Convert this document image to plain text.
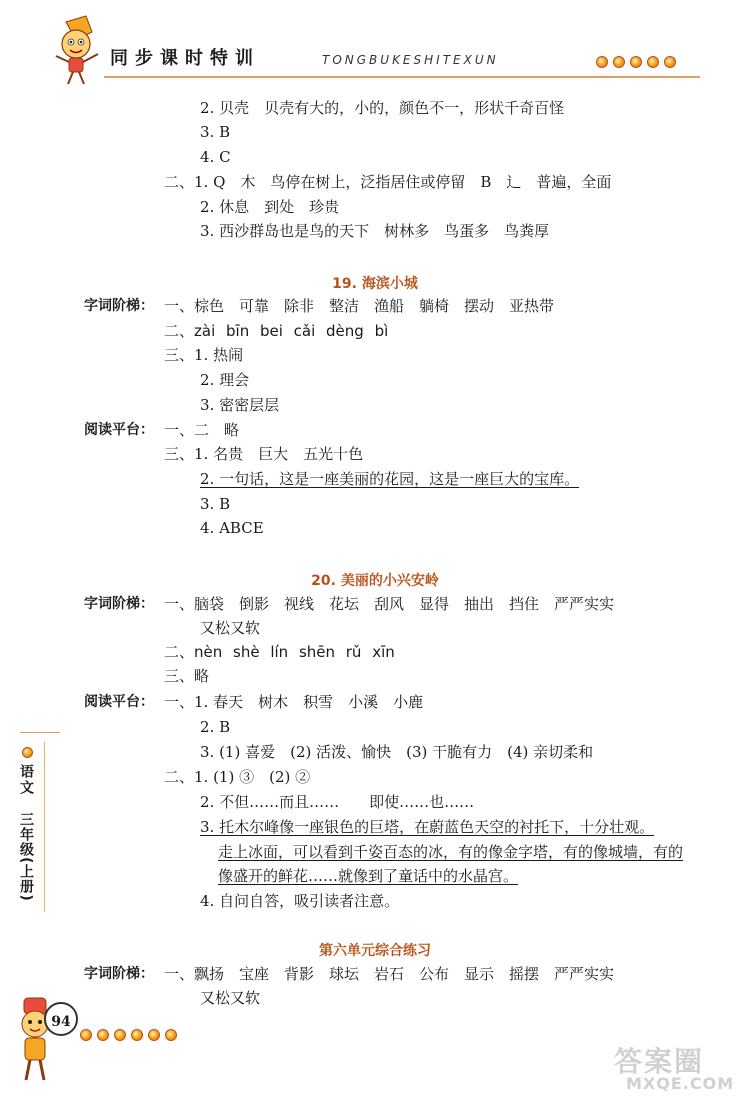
同步课时特训	TONGBUKESHITEXUN
2. 贝壳　贝壳有大的，小的，颜色不一，形状千奇百怪
3. B
4. C
二、1. Q　木　鸟停在树上，泛指居住或停留　B　辶　普遍，全面
2. 休息　到处　珍贵
3. 西沙群岛也是鸟的天下　树林多　鸟蛋多　鸟粪厚
19. 海滨小城
字词阶梯： 一、棕色　可靠　除非　整洁　渔船　躺椅　摆动　亚热带
二、zài bīn bei cǎi dèng bì
三、1. 热闹
2. 理会
3. 密密层层
阅读平台： 一、二　略
三、1. 名贵　巨大　五光十色
2. 一句话，这是一座美丽的花园，这是一座巨大的宝库。
3. B
4. ABCE
20. 美丽的小兴安岭
字词阶梯： 一、脑袋　倒影　视线　花坛　刮风　显得　抽出　挡住　严严实实
又松又软
二、nèn shè lín shēn rǔ xīn
三、略
阅读平台： 一、1. 春天　树木　积雪　小溪　小鹿
2. B
3. (1) 喜爱　(2) 活泼、愉快　(3) 干脆有力　(4) 亲切柔和
二、1. (1) ③　(2) ②
2. 不但……而且……　　即使……也……
3. 托木尔峰像一座银色的巨塔，在蔚蓝色天空的衬托下，十分壮观。
走上冰面，可以看到千姿百态的冰，有的像金字塔，有的像城墙，有的
像盛开的鲜花……就像到了童话中的水晶宫。
4. 自问自答，吸引读者注意。
第六单元综合练习
字词阶梯： 一、飘扬　宝座　背影　球坛　岩石　公布　显示　摇摆　严严实实
又松又软
语文
三年级(上册)
94
答案圈
MXQE.COM
